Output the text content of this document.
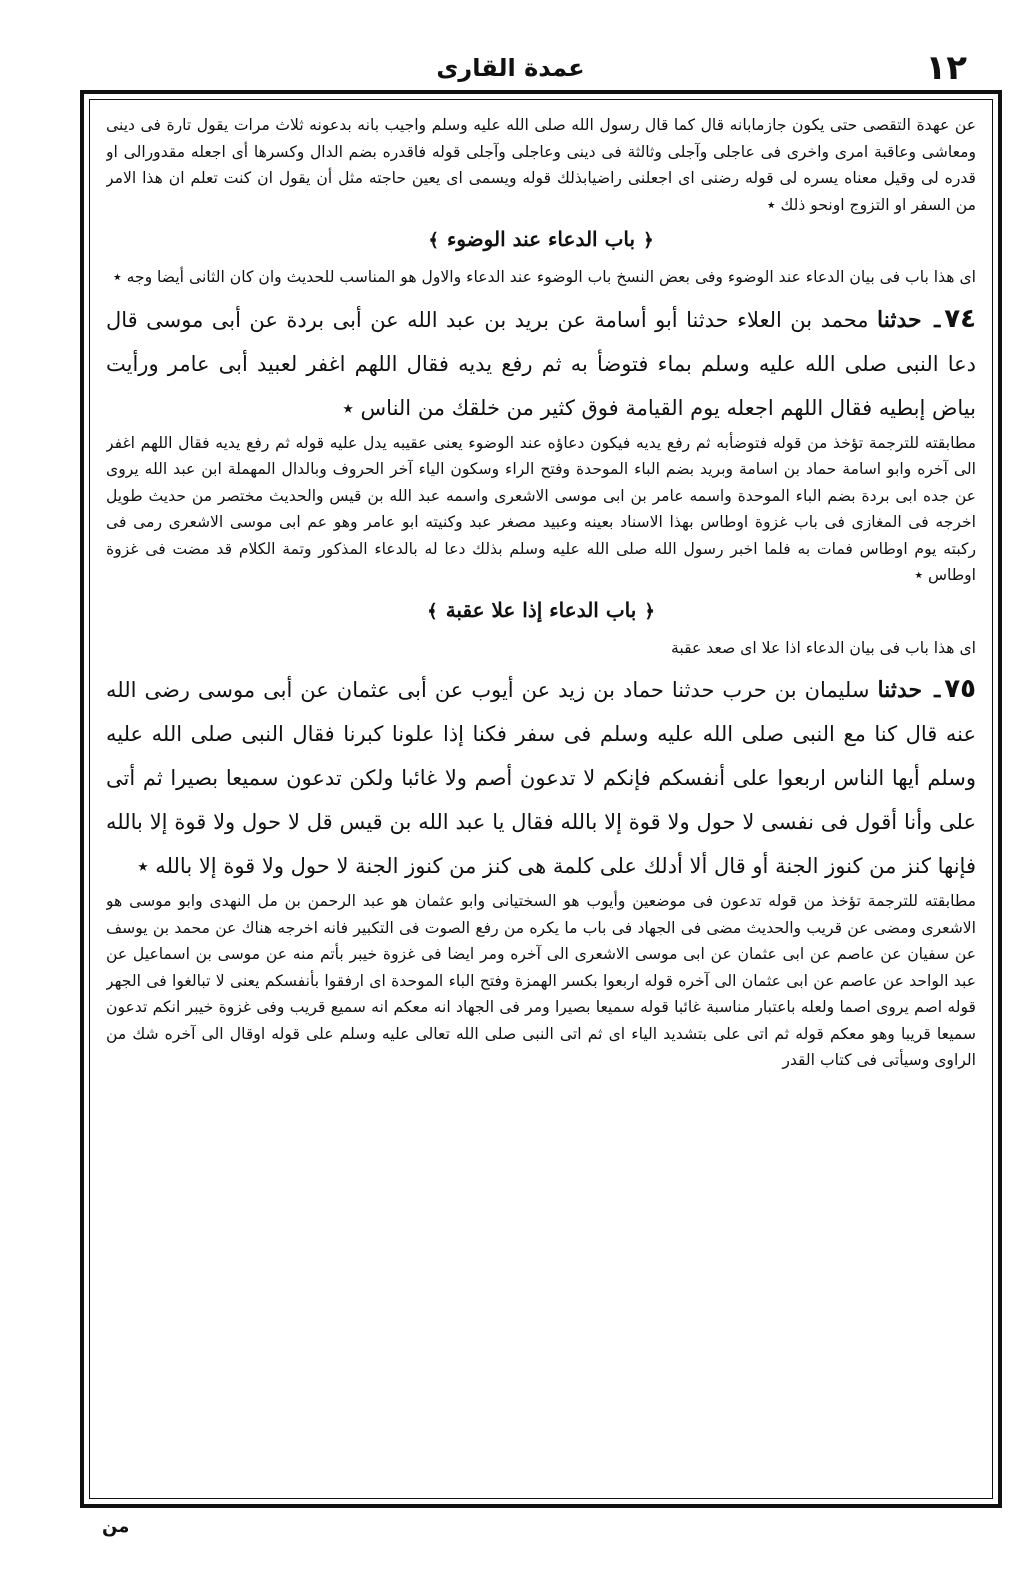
عمدة القارى	١٢

عن عهدة التقصى حتى يكون جازمابانه قال كما قال رسول الله صلى الله عليه وسلم واجيب بانه بدعونه ثلاث مرات يقول تارة فى دينى ومعاشى وعاقبة امرى واخرى فى عاجلى وآجلى وثالثة فى دينى وعاجلى وآجلى قوله فاقدره بضم الدال وكسرها أى اجعله مقدورالى او قدره لى وقيل معناه يسره لى قوله رضنى اى اجعلنى راضيابذلك قوله ويسمى اى يعين حاجته مثل أن يقول ان كنت تعلم ان هذا الامر من السفر او التزوج اونحو ذلك ٭

﴿باب الدعاء عند الوضوء﴾

اى هذا باب فى بيان الدعاء عند الوضوء وفى بعض النسخ باب الوضوء عند الدعاء والاول هو المناسب للحديث وان كان الثانى أيضا وجه ٭

٧٤ـ حدثنا محمد بن العلاء حدثنا أبو أسامة عن بريد بن عبد الله عن أبى بردة عن أبى موسى قال دعا النبى صلى الله عليه وسلم بماء فتوضأ به ثم رفع يديه فقال اللهم اغفر لعبيد أبى عامر ورأيت بياض إبطيه فقال اللهم اجعله يوم القيامة فوق كثير من خلقك من الناس ٭

مطابقته للترجمة تؤخذ من قوله فتوضأبه ثم رفع يديه فيكون دعاؤه عند الوضوء يعنى عقيبه يدل عليه قوله ثم رفع يديه فقال اللهم اغفر الى آخره وابو اسامة حماد بن اسامة وبريد بضم الباء الموحدة وفتح الراء وسكون الياء آخر الحروف وبالدال المهملة ابن عبد الله يروى عن جده ابى بردة بضم الباء الموحدة واسمه عامر بن ابى موسى الاشعرى واسمه عبد الله بن قيس والحديث مختصر من حديث طويل اخرجه فى المغازى فى باب غزوة اوطاس بهذا الاسناد بعينه وعبيد مصغر عبد وكنيته ابو عامر وهو عم ابى موسى الاشعرى رمى فى ركبته يوم اوطاس فمات به فلما اخبر رسول الله صلى الله عليه وسلم بذلك دعا له بالدعاء المذكور وتمة الكلام قد مضت فى غزوة اوطاس ٭

﴿باب الدعاء إذا علا عقبة﴾

اى هذا باب فى بيان الدعاء اذا علا اى صعد عقبة

٧٥ـ حدثنا سليمان بن حرب حدثنا حماد بن زيد عن أيوب عن أبى عثمان عن أبى موسى رضى الله عنه قال كنا مع النبى صلى الله عليه وسلم فى سفر فكنا إذا علونا كبرنا فقال النبى صلى الله عليه وسلم أيها الناس اربعوا على أنفسكم فإنكم لا تدعون أصم ولا غائبا ولكن تدعون سميعا بصيرا ثم أتى على وأنا أقول فى نفسى لا حول ولا قوة إلا بالله فقال يا عبد الله بن قيس قل لا حول ولا قوة إلا بالله فإنها كنز من كنوز الجنة أو قال ألا أدلك على كلمة هى كنز من كنوز الجنة لا حول ولا قوة إلا بالله ٭

مطابقته للترجمة تؤخذ من قوله تدعون فى موضعين وأيوب هو السختيانى وابو عثمان هو عبد الرحمن بن مل النهدى وابو موسى هو الاشعرى ومضى عن قريب والحديث مضى فى الجهاد فى باب ما يكره من رفع الصوت فى التكبير فانه اخرجه هناك عن محمد بن يوسف عن سفيان عن عاصم عن ابى عثمان عن ابى موسى الاشعرى الى آخره ومر ايضا فى غزوة خيبر بأتم منه عن موسى بن اسماعيل عن عبد الواحد عن عاصم عن ابى عثمان الى آخره قوله اربعوا بكسر الهمزة وفتح الباء الموحدة اى ارفقوا بأنفسكم يعنى لا تبالغوا فى الجهر قوله اصم يروى اصما ولعله باعتبار مناسبة غائبا قوله سميعا بصيرا ومر فى الجهاد انه معكم انه سميع قريب وفى غزوة خيبر انكم تدعون سميعا قريبا وهو معكم قوله ثم اتى على بتشديد الياء اى ثم اتى النبى صلى الله تعالى عليه وسلم على قوله اوقال الى آخره شك من الراوى وسيأتى فى كتاب القدر

من
